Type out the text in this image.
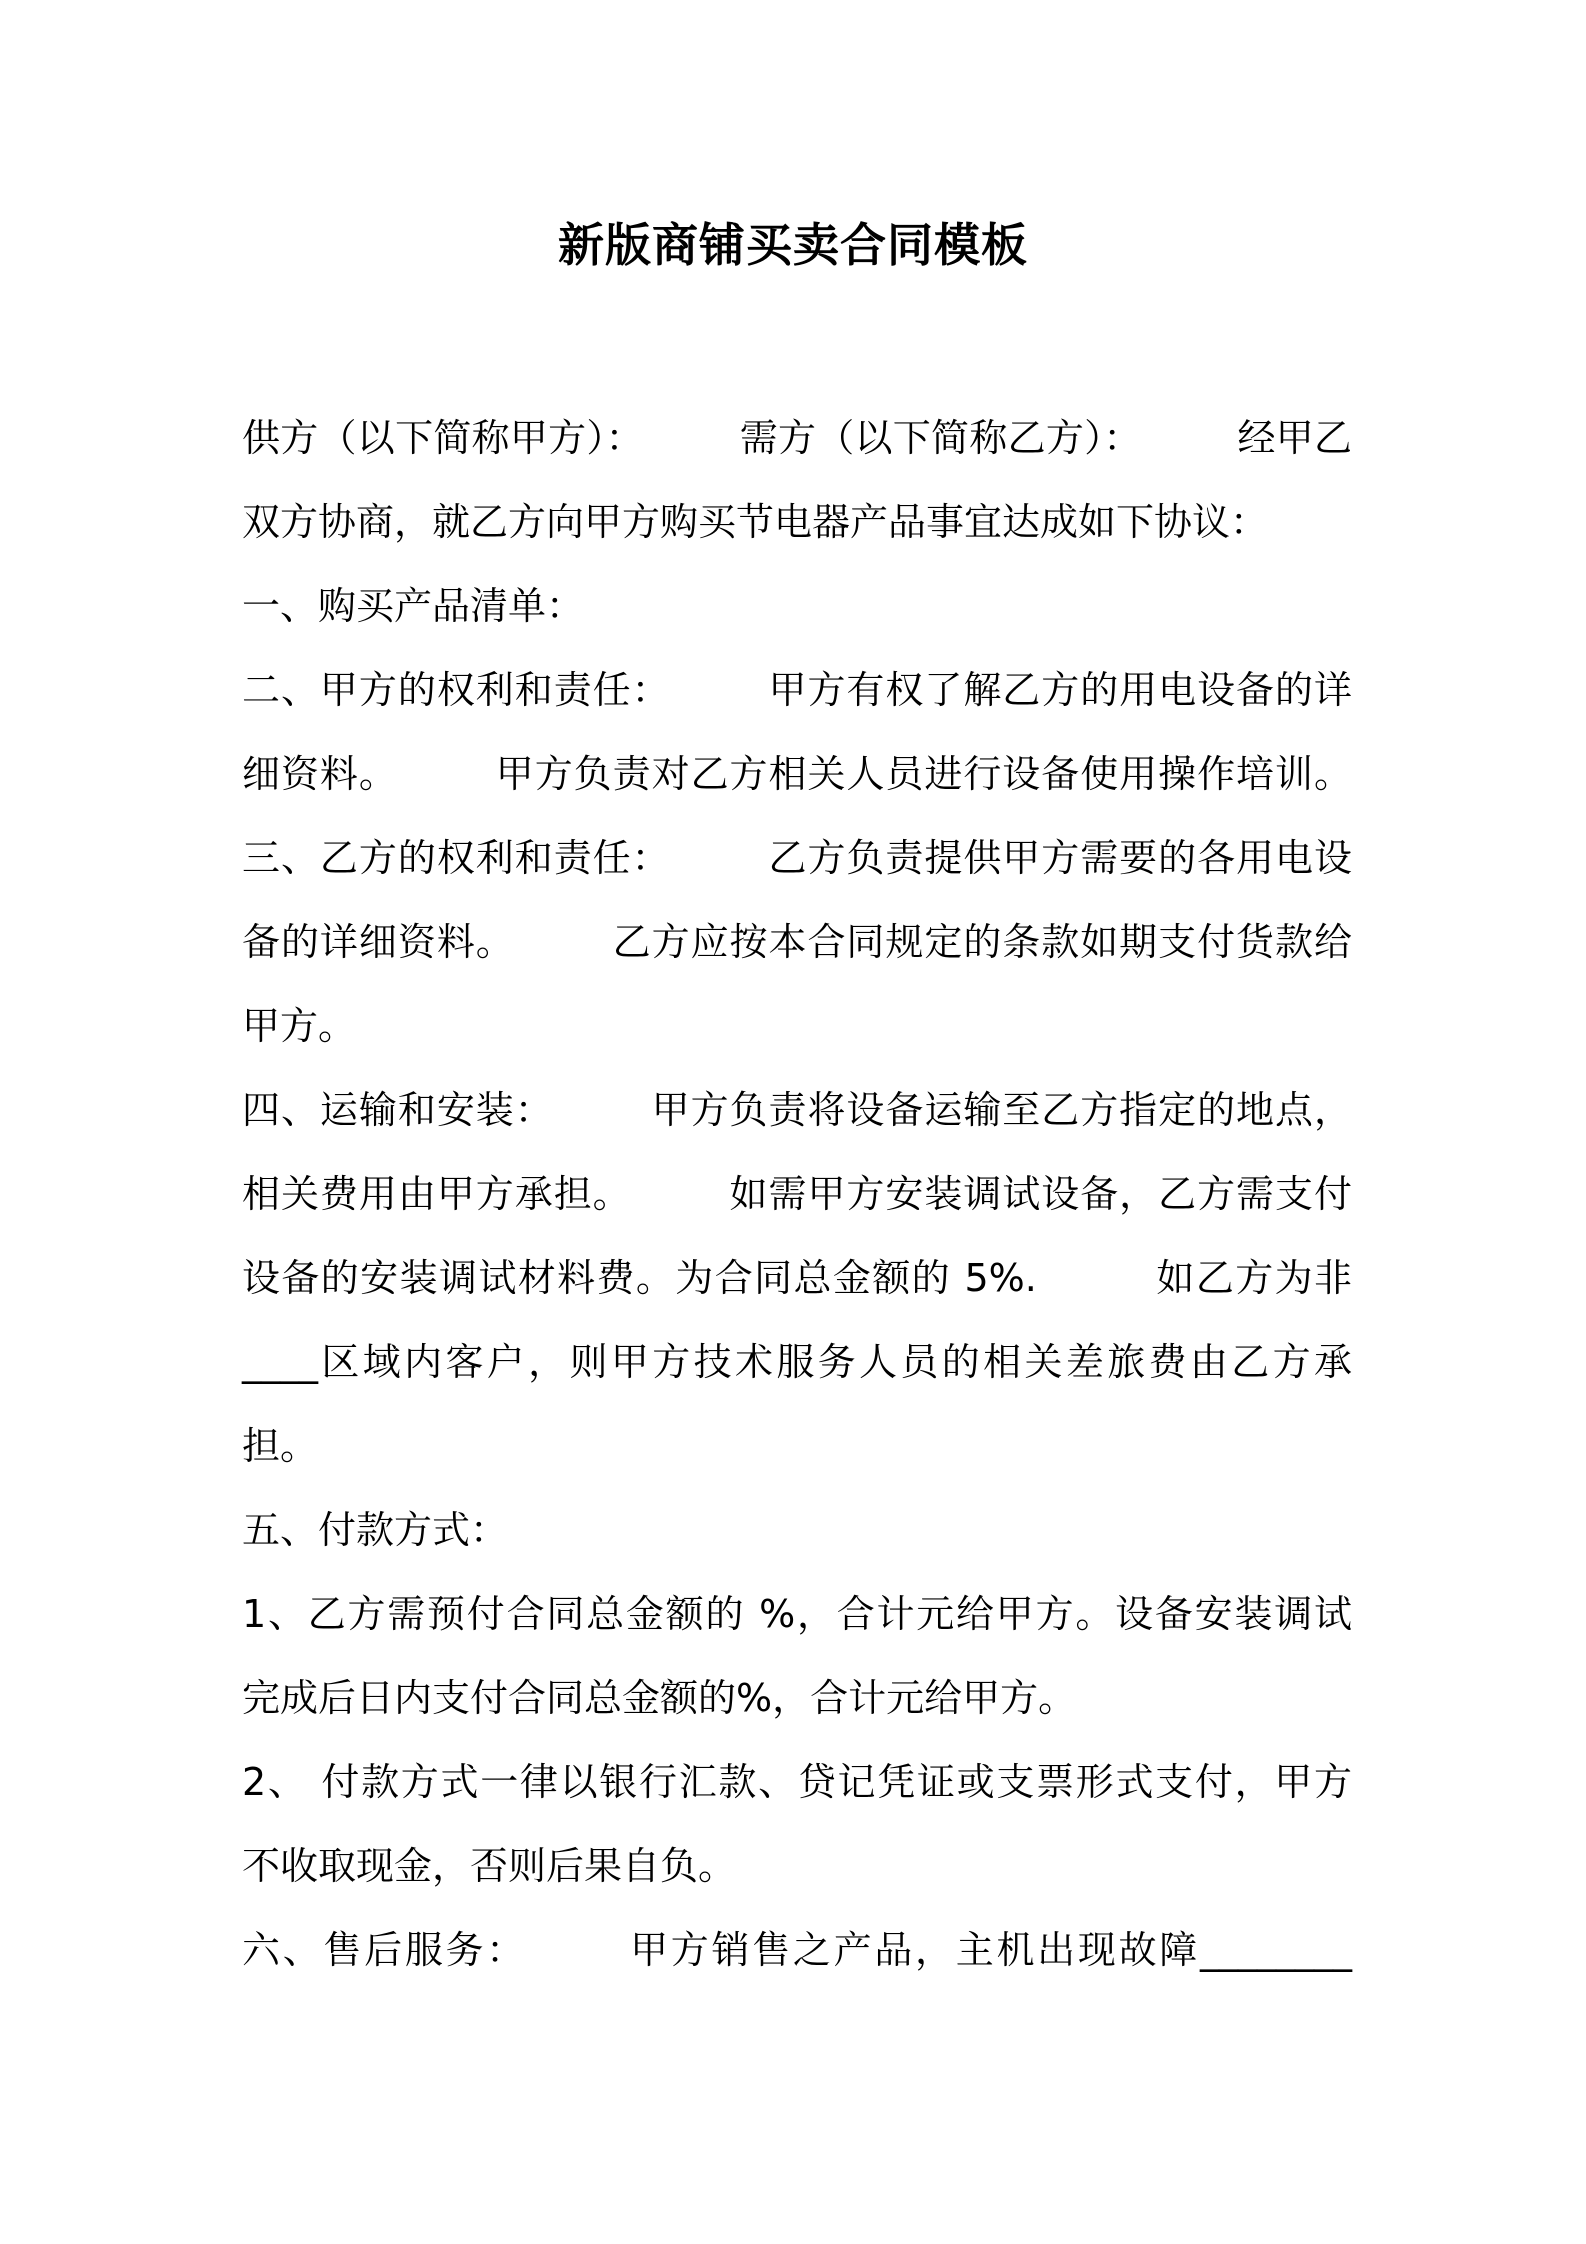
新版商铺买卖合同模板
供方（以下简称甲方）：　　　需方（以下简称乙方）：　　　经甲乙
双方协商，就乙方向甲方购买节电器产品事宜达成如下协议：
一、购买产品清单：
二、甲方的权利和责任：　　　甲方有权了解乙方的用电设备的详
细资料。　　　甲方负责对乙方相关人员进行设备使用操作培训。
三、乙方的权利和责任：　　　乙方负责提供甲方需要的各用电设
备的详细资料。　　　乙方应按本合同规定的条款如期支付货款给
甲方。
四、运输和安装：　　　甲方负责将设备运输至乙方指定的地点，
相关费用由甲方承担。　　　如需甲方安装调试设备，乙方需支付
设备的安装调试材料费。为合同总金额的 5%.　　　如乙方为非
____区域内客户，则甲方技术服务人员的相关差旅费由乙方承
担。
五、付款方式：
1、乙方需预付合同总金额的 %，合计元给甲方。设备安装调试
完成后日内支付合同总金额的%，合计元给甲方。
2、 付款方式一律以银行汇款、贷记凭证或支票形式支付，甲方
不收取现金，否则后果自负。
六、售后服务：　　　甲方销售之产品，主机出现故障________
